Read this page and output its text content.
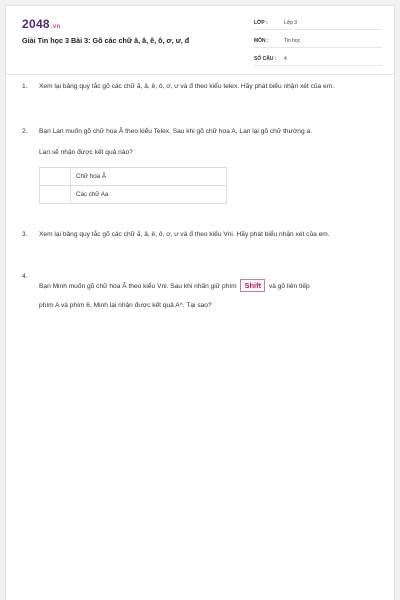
2048.vn
Giải Tin học 3 Bài 3: Gõ các chữ ă, â, ê, ô, ơ, ư, đ
LỚP :	Lớp 3
MÔN :	Tin học
SỐ CÂU :	4
1.	Xem lại bảng quy tắc gõ các chữ ă, â, ê, ô, ơ, ư và đ theo kiểu telex. Hãy phát biểu nhận xét của em.

2.	Bạn Lan muốn gõ chữ hoa Â theo kiểu Telex. Sau khi gõ chữ hoa A, Lan lại gõ chữ thường a.

Lan sẽ nhận được kết quả nào?

	Chữ hoa Â
	Các chữ Aa
3.	Xem lại bảng quy tắc gõ các chữ ă, â, ê, ô, ơ, ư và đ theo kiểu Vni. Hãy phát biểu nhận xét của em.

4.

Bạn Minh muốn gõ chữ hoa Â theo kiểu Vni. Sau khi nhấn giữ phím Shift và gõ liên tiếp

phím A và phím 6, Minh lại nhận được kết quả A^. Tại sao?
